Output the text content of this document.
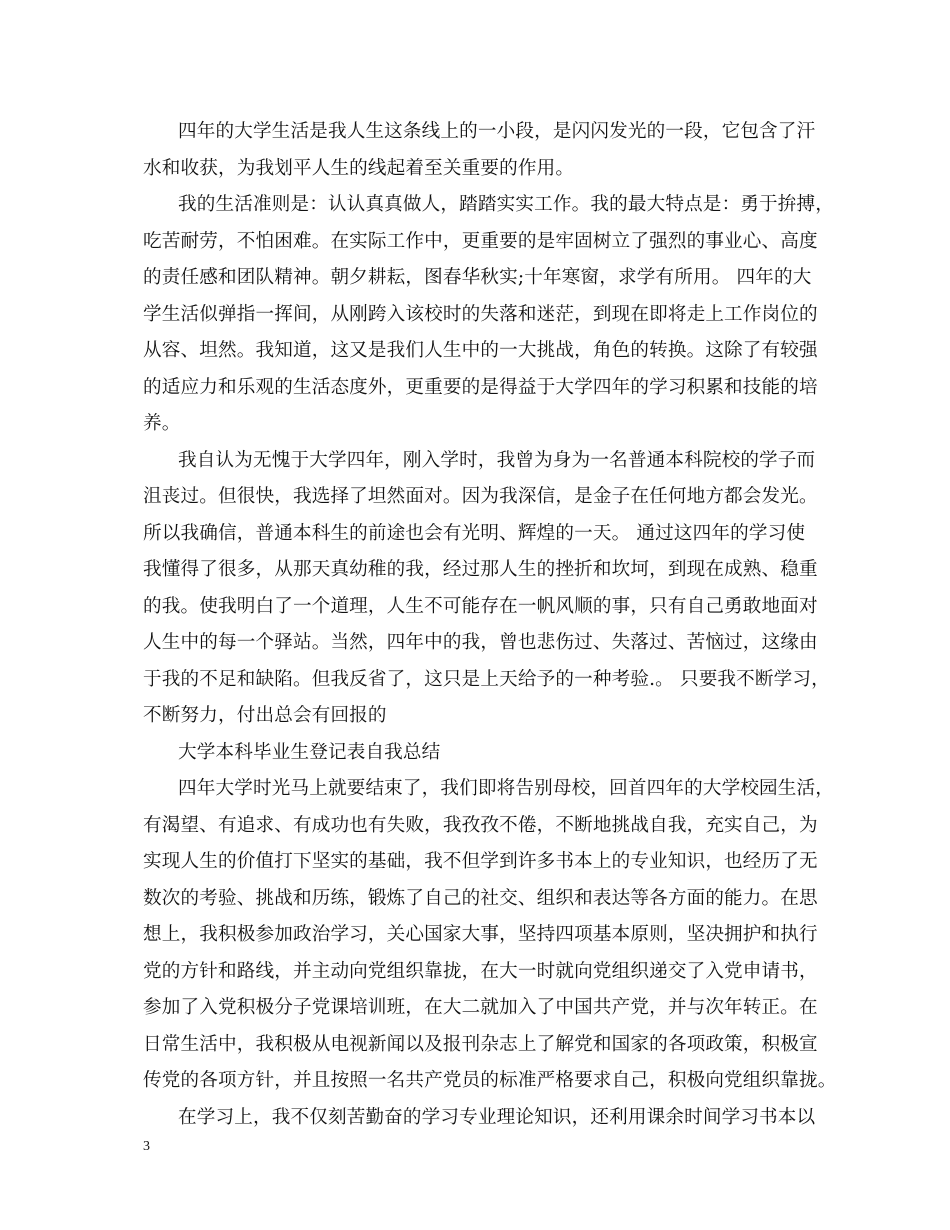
四年的大学生活是我人生这条线上的一小段，是闪闪发光的一段，它包含了汗
水和收获，为我划平人生的线起着至关重要的作用。
我的生活准则是：认认真真做人，踏踏实实工作。我的最大特点是：勇于拚搏，
吃苦耐劳，不怕困难。在实际工作中，更重要的是牢固树立了强烈的事业心、高度
的责任感和团队精神。朝夕耕耘，图春华秋实;十年寒窗，求学有所用。 四年的大
学生活似弹指一挥间，从刚跨入该校时的失落和迷茫，到现在即将走上工作岗位的
从容、坦然。我知道，这又是我们人生中的一大挑战，角色的转换。这除了有较强
的适应力和乐观的生活态度外，更重要的是得益于大学四年的学习积累和技能的培
养。
我自认为无愧于大学四年，刚入学时，我曾为身为一名普通本科院校的学子而
沮丧过。但很快，我选择了坦然面对。因为我深信，是金子在任何地方都会发光。
所以我确信，普通本科生的前途也会有光明、辉煌的一天。 通过这四年的学习使
我懂得了很多，从那天真幼稚的我，经过那人生的挫折和坎坷，到现在成熟、稳重
的我。使我明白了一个道理，人生不可能存在一帆风顺的事，只有自己勇敢地面对
人生中的每一个驿站。当然，四年中的我，曾也悲伤过、失落过、苦恼过，这缘由
于我的不足和缺陷。但我反省了，这只是上天给予的一种考验.。 只要我不断学习，
不断努力，付出总会有回报的
大学本科毕业生登记表自我总结
四年大学时光马上就要结束了，我们即将告别母校，回首四年的大学校园生活，
有渴望、有追求、有成功也有失败，我孜孜不倦，不断地挑战自我，充实自己，为
实现人生的价值打下坚实的基础，我不但学到许多书本上的专业知识，也经历了无
数次的考验、挑战和历练，锻炼了自己的社交、组织和表达等各方面的能力。在思
想上，我积极参加政治学习，关心国家大事，坚持四项基本原则，坚决拥护和执行
党的方针和路线，并主动向党组织靠拢，在大一时就向党组织递交了入党申请书，
参加了入党积极分子党课培训班，在大二就加入了中国共产党，并与次年转正。在
日常生活中，我积极从电视新闻以及报刊杂志上了解党和国家的各项政策，积极宣
传党的各项方针，并且按照一名共产党员的标准严格要求自己，积极向党组织靠拢。
在学习上，我不仅刻苦勤奋的学习专业理论知识，还利用课余时间学习书本以
3
